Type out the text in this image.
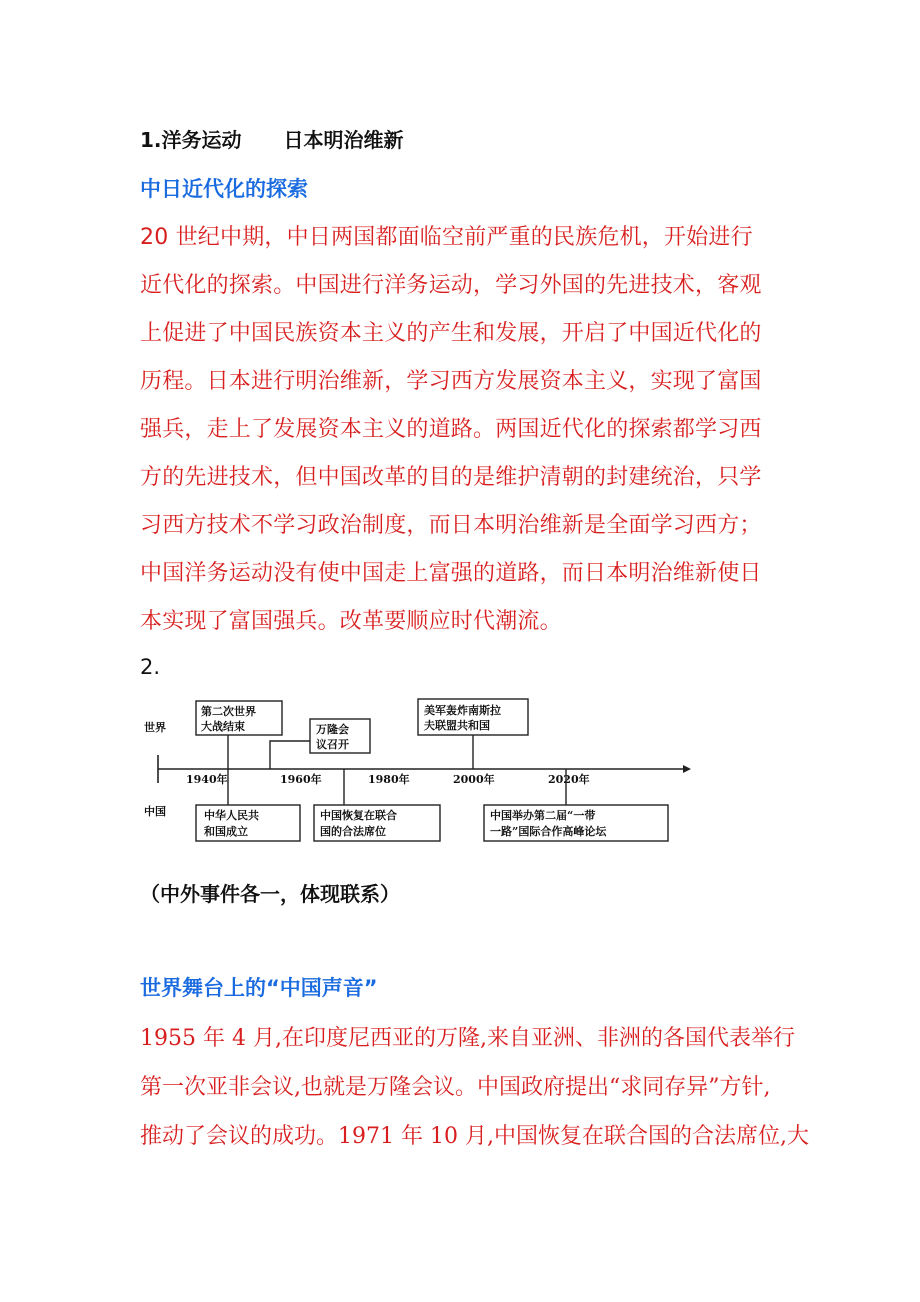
1.洋务运动 日本明治维新
中日近代化的探索
20 世纪中期，中日两国都面临空前严重的民族危机，开始进行
近代化的探索。中国进行洋务运动，学习外国的先进技术，客观
上促进了中国民族资本主义的产生和发展，开启了中国近代化的
历程。日本进行明治维新，学习西方发展资本主义，实现了富国
强兵，走上了发展资本主义的道路。两国近代化的探索都学习西
方的先进技术，但中国改革的目的是维护清朝的封建统治，只学
习西方技术不学习政治制度，而日本明治维新是全面学习西方；
中国洋务运动没有使中国走上富强的道路，而日本明治维新使日
本实现了富国强兵。改革要顺应时代潮流。
2.
世界
中国
1940年	1960年	1980年	2000年	2020年
第二次世界
大战结束	万隆会
议召开
美军轰炸南斯拉
夫联盟共和国
中华人民共
和国成立
中国恢复在联合
国的合法席位
中国举办第二届“一带
一路”国际合作高峰论坛
（中外事件各一，体现联系）
世界舞台上的“中国声音”
1955 年 4 月,在印度尼西亚的万隆,来自亚洲、非洲的各国代表举行
第一次亚非会议,也就是万隆会议。中国政府提出“求同存异”方针,
推动了会议的成功。1971 年 10 月,中国恢复在联合国的合法席位,大
